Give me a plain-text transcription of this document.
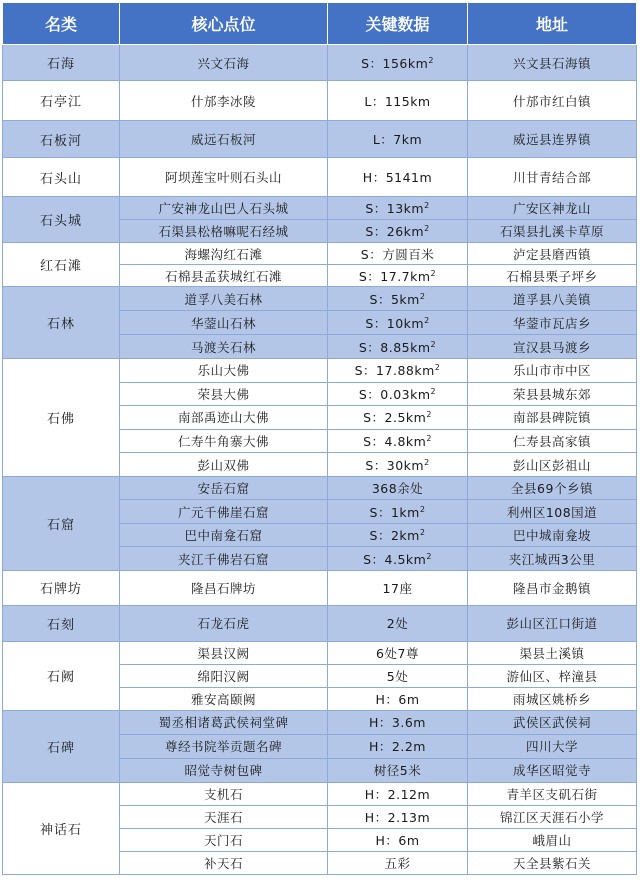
名类	核心点位	关键数据	地址
石海	兴文石海	S：$156km^2$	兴文县石海镇
石亭江	什邡李冰陵	L：115km	什邡市红白镇
石板河	威远石板河	L：7km	威远县连界镇
石头山	阿坝莲宝叶则石头山	H：5141m	川甘青结合部
石头城	广安神龙山巴人石头城	S：$13km^2$	广安区神龙山
	石渠县松格嘛呢石经城	S：$26km^2$	石渠县扎溪卡草原
红石滩	海螺沟红石滩	S：方圆百米	泸定县磨西镇
	石棉县孟获城红石滩	S：$17.7km^2$	石棉县栗子坪乡
石林	道孚八美石林	S：$5km^2$	道孚县八美镇
	华蓥山石林	S：$10km^2$	华蓥市瓦店乡
	马渡关石林	S：$8.85km^2$	宣汉县马渡乡
石佛	乐山大佛	S：$17.88km^2$	乐山市市中区
	荣县大佛	S：$0.03km^2$	荣县县城东郊
	南部禹迹山大佛	S：$2.5km^2$	南部县碑院镇
	仁寿牛角寨大佛	S：$4.8km^2$	仁寿县高家镇
	彭山双佛	S：$30km^2$	彭山区彭祖山
石窟	安岳石窟	368余处	全县69个乡镇
	广元千佛崖石窟	S：$1km^2$	利州区108国道
	巴中南龛石窟	S：$2km^2$	巴中城南龛坡
	夹江千佛岩石窟	S：$4.5km^2$	夹江城西3公里
石牌坊	隆昌石牌坊	17座	隆昌市金鹅镇
石刻	石龙石虎	2处	彭山区江口街道
石阙	渠县汉阙	6处7尊	渠县土溪镇
	绵阳汉阙	5处	游仙区、梓潼县
	雅安高颐阙	H：6m	雨城区姚桥乡
石碑	蜀丞相诸葛武侯祠堂碑	H：3.6m	武侯区武侯祠
	尊经书院举贡题名碑	H：2.2m	四川大学
	昭觉寺树包碑	树径5米	成华区昭觉寺
神话石	支机石	H：2.12m	青羊区支矶石街
	天涯石	H：2.13m	锦江区天涯石小学
	天门石	H：6m	峨眉山
	补天石	五彩	天全县紫石关
